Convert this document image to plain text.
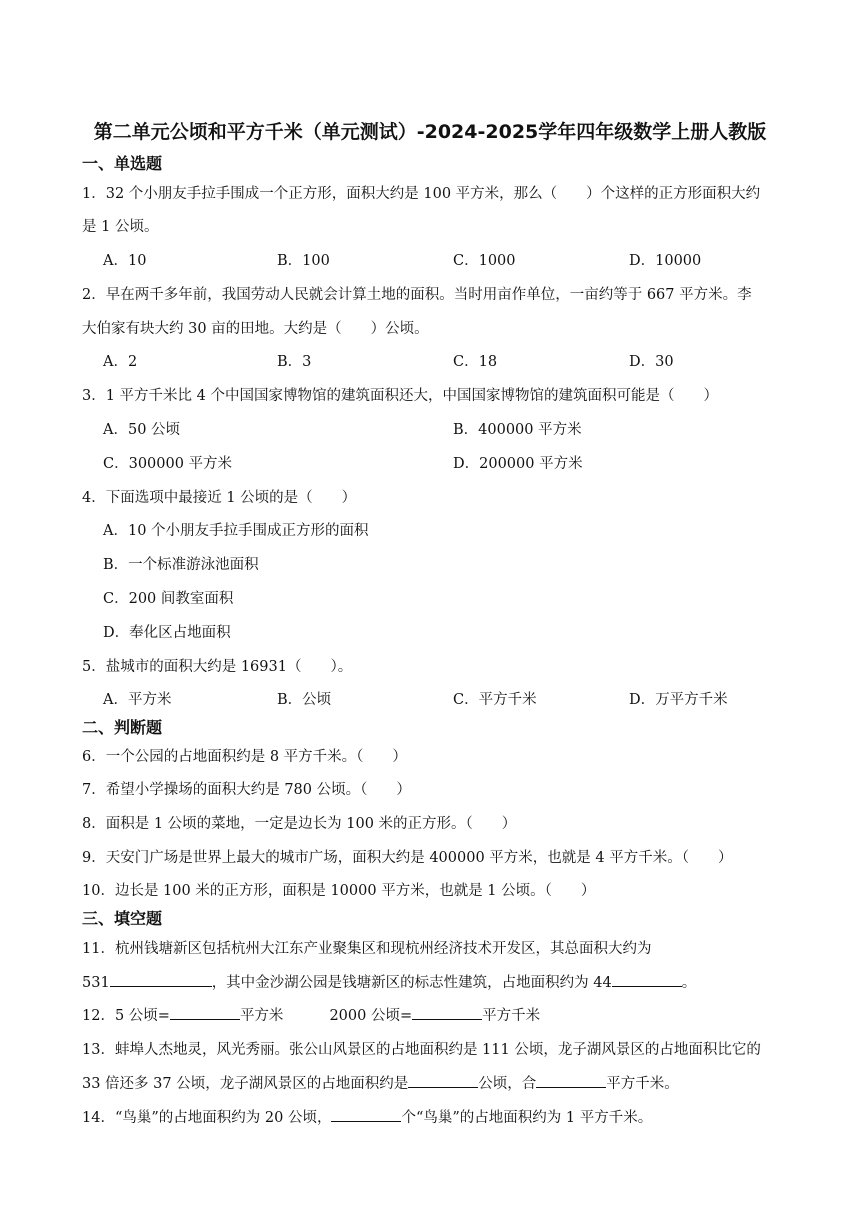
第二单元公顷和平方千米（单元测试）-2024-2025学年四年级数学上册人教版
一、单选题
1．32 个小朋友手拉手围成一个正方形，面积大约是 100 平方米，那么（　　）个这样的正方形面积大约
是 1 公顷。
A．10	B．100	C．1000	D．10000
2．早在两千多年前，我国劳动人民就会计算土地的面积。当时用亩作单位，一亩约等于 667 平方米。李
大伯家有块大约 30 亩的田地。大约是（　　）公顷。
A．2	B．3	C．18	D．30
3．1 平方千米比 4 个中国国家博物馆的建筑面积还大，中国国家博物馆的建筑面积可能是（　　）
A．50 公顷	B．400000 平方米
C．300000 平方米	D．200000 平方米
4．下面选项中最接近 1 公顷的是（　　）
A．10 个小朋友手拉手围成正方形的面积
B．一个标准游泳池面积
C．200 间教室面积
D．奉化区占地面积
5．盐城市的面积大约是 16931（　　）。
A．平方米	B．公顷	C．平方千米	D．万平方千米
二、判断题
6．一个公园的占地面积约是 8 平方千米。（　　）
7．希望小学操场的面积大约是 780 公顷。（　　）
8．面积是 1 公顷的菜地，一定是边长为 100 米的正方形。（　　）
9．天安门广场是世界上最大的城市广场，面积大约是 400000 平方米，也就是 4 平方千米。（　　）
10．边长是 100 米的正方形，面积是 10000 平方米，也就是 1 公顷。（　　）
三、填空题
11．杭州钱塘新区包括杭州大江东产业聚集区和现杭州经济技术开发区，其总面积大约为
531	，其中金沙湖公园是钱塘新区的标志性建筑，占地面积约为 44	。
12．5 公顷=	平方米	2000 公顷=	平方千米
13．蚌埠人杰地灵，风光秀丽。张公山风景区的占地面积约是 111 公顷，龙子湖风景区的占地面积比它的
33 倍还多 37 公顷，龙子湖风景区的占地面积约是	公顷，合	平方千米。
14．“鸟巢”的占地面积约为 20 公顷，	个“鸟巢”的占地面积约为 1 平方千米。
